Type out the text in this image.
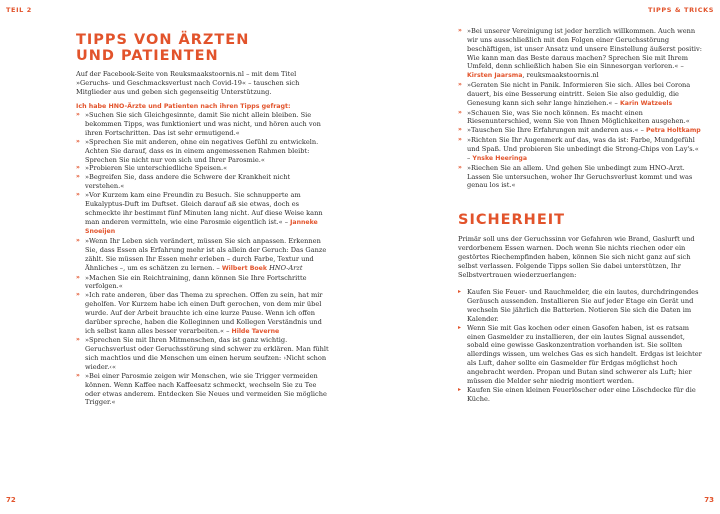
TEIL 2
TIPPS VON ÄRZTEN
UND PATIENTEN

Auf der Facebook-Seite von Reuksmaakstoornis.nl – mit dem Titel »Geruchs- und Geschmacksverlust nach Covid-19« – tauschen sich Mitglieder aus und geben sich gegenseitig Unterstützung.

Ich habe HNO-Ärzte und Patienten nach ihren Tipps gefragt:

» »Suchen Sie sich Gleichgesinnte, damit Sie nicht allein bleiben. Sie bekommen Tipps, was funktioniert und was nicht, und hören auch von ihren Fortschritten. Das ist sehr ermutigend.«
» »Sprechen Sie mit anderen, ohne ein negatives Gefühl zu entwickeln. Achten Sie darauf, dass es in einem angemessenen Rahmen bleibt: Sprechen Sie nicht nur von sich und Ihrer Parosmie.«
» »Probieren Sie unterschiedliche Speisen.«
» »Begreifen Sie, dass andere die Schwere der Krankheit nicht verstehen.«
» »Vor Kurzem kam eine Freundin zu Besuch. Sie schnupperte am Eukalyptus-Duft im Duftset. Gleich darauf aß sie etwas, doch es schmeckte ihr bestimmt fünf Minuten lang nicht. Auf diese Weise kann man anderen vermitteln, wie eine Parosmie eigentlich ist.« – Janneke Snoeijen
» »Wenn Ihr Leben sich verändert, müssen Sie sich anpassen. Erkennen Sie, dass Essen als Erfahrung mehr ist als allein der Geruch: Das Ganze zählt. Sie müssen Ihr Essen mehr erleben – durch Farbe, Textur und Ähnliches –, um es schätzen zu lernen. – Wilbert Boek HNO-Arzt
» »Machen Sie ein Reichtraining, dann können Sie Ihre Fortschritte verfolgen.«
» »Ich rate anderen, über das Thema zu sprechen. Offen zu sein, hat mir geholfen. Vor Kurzem habe ich einen Duft gerochen, von dem mir übel wurde. Auf der Arbeit brauchte ich eine kurze Pause. Wenn ich offen darüber spreche, haben die Kolleginnen und Kollegen Verständnis und ich selbst kann alles besser verarbeiten.« – Hilde Taverne
» »Sprechen Sie mit Ihren Mitmenschen, das ist ganz wichtig. Geruchsverlust oder Geruchsstörung sind schwer zu erklären. Man fühlt sich machtlos und die Menschen um einen herum seufzen: ›Nicht schon wieder.‹«
» »Bei einer Parosmie zeigen wir Menschen, wie sie Trigger vermeiden können. Wenn Kaffee nach Kaffeesatz schmeckt, wechseln Sie zu Tee oder etwas anderem. Entdecken Sie Neues und vermeiden Sie mögliche Trigger.«
72
TIPPS & TRICKS
» »Bei unserer Vereinigung ist jeder herzlich willkommen. Auch wenn wir uns ausschließlich mit den Folgen einer Geruchsstörung beschäftigen, ist unser Ansatz und unsere Einstellung äußerst positiv: Wie kann man das Beste daraus machen? Sprechen Sie mit Ihrem Umfeld, denn schließlich haben Sie ein Sinnesorgan verloren.« – Kirsten Jaarsma, reuksmaakstoornis.nl
» »Geraten Sie nicht in Panik. Informieren Sie sich. Alles bei Corona dauert, bis eine Besserung eintritt. Seien Sie also geduldig, die Genesung kann sich sehr lange hinziehen.« – Karin Watzeels
» »Schauen Sie, was Sie noch können. Es macht einen Riesenunterschied, wenn Sie von Ihnen Möglichkeiten ausgehen.«
» »Tauschen Sie Ihre Erfahrungen mit anderen aus.« – Petra Holtkamp
» »Richten Sie Ihr Augenmerk auf das, was da ist: Farbe, Mundgefühl und Spaß. Und probieren Sie unbedingt die Strong-Chips von Lay's.« – Ynske Heeringa
» »Riechen Sie an allem. Und gehen Sie unbedingt zum HNO-Arzt. Lassen Sie untersuchen, woher Ihr Geruchsverlust kommt und was genau los ist.«
SICHERHEIT

Primär soll uns der Geruchssinn vor Gefahren wie Brand, Gaslurft und verdorbenem Essen warnen. Doch wenn Sie nichts riechen oder ein gestörtes Riechempfinden haben, können Sie sich nicht ganz auf sich selbst verlassen. Folgende Tipps sollen Sie dabei unterstützen, Ihr Selbstvertrauen wiederzuerlangen:

▸ Kaufen Sie Feuer- und Rauchmelder, die ein lautes, durchdringendes Geräusch aussenden. Installieren Sie auf jeder Etage ein Gerät und wechseln Sie jährlich die Batterien. Notieren Sie sich die Daten im Kalender.
▸ Wenn Sie mit Gas kochen oder einen Gasofen haben, ist es ratsam einen Gasmelder zu installieren, der ein lautes Signal aussendet, sobald eine gewisse Gaskonzentration vorhanden ist. Sie sollten allerdings wissen, um welches Gas es sich handelt. Erdgas ist leichter als Luft, daher sollte ein Gasmelder für Erdgas möglichst hoch angebracht werden. Propan und Butan sind schwerer als Luft; hier müssen die Melder sehr niedrig montiert werden.
▸ Kaufen Sie einen kleinen Feuerlöscher oder eine Löschdecke für die Küche.
73
